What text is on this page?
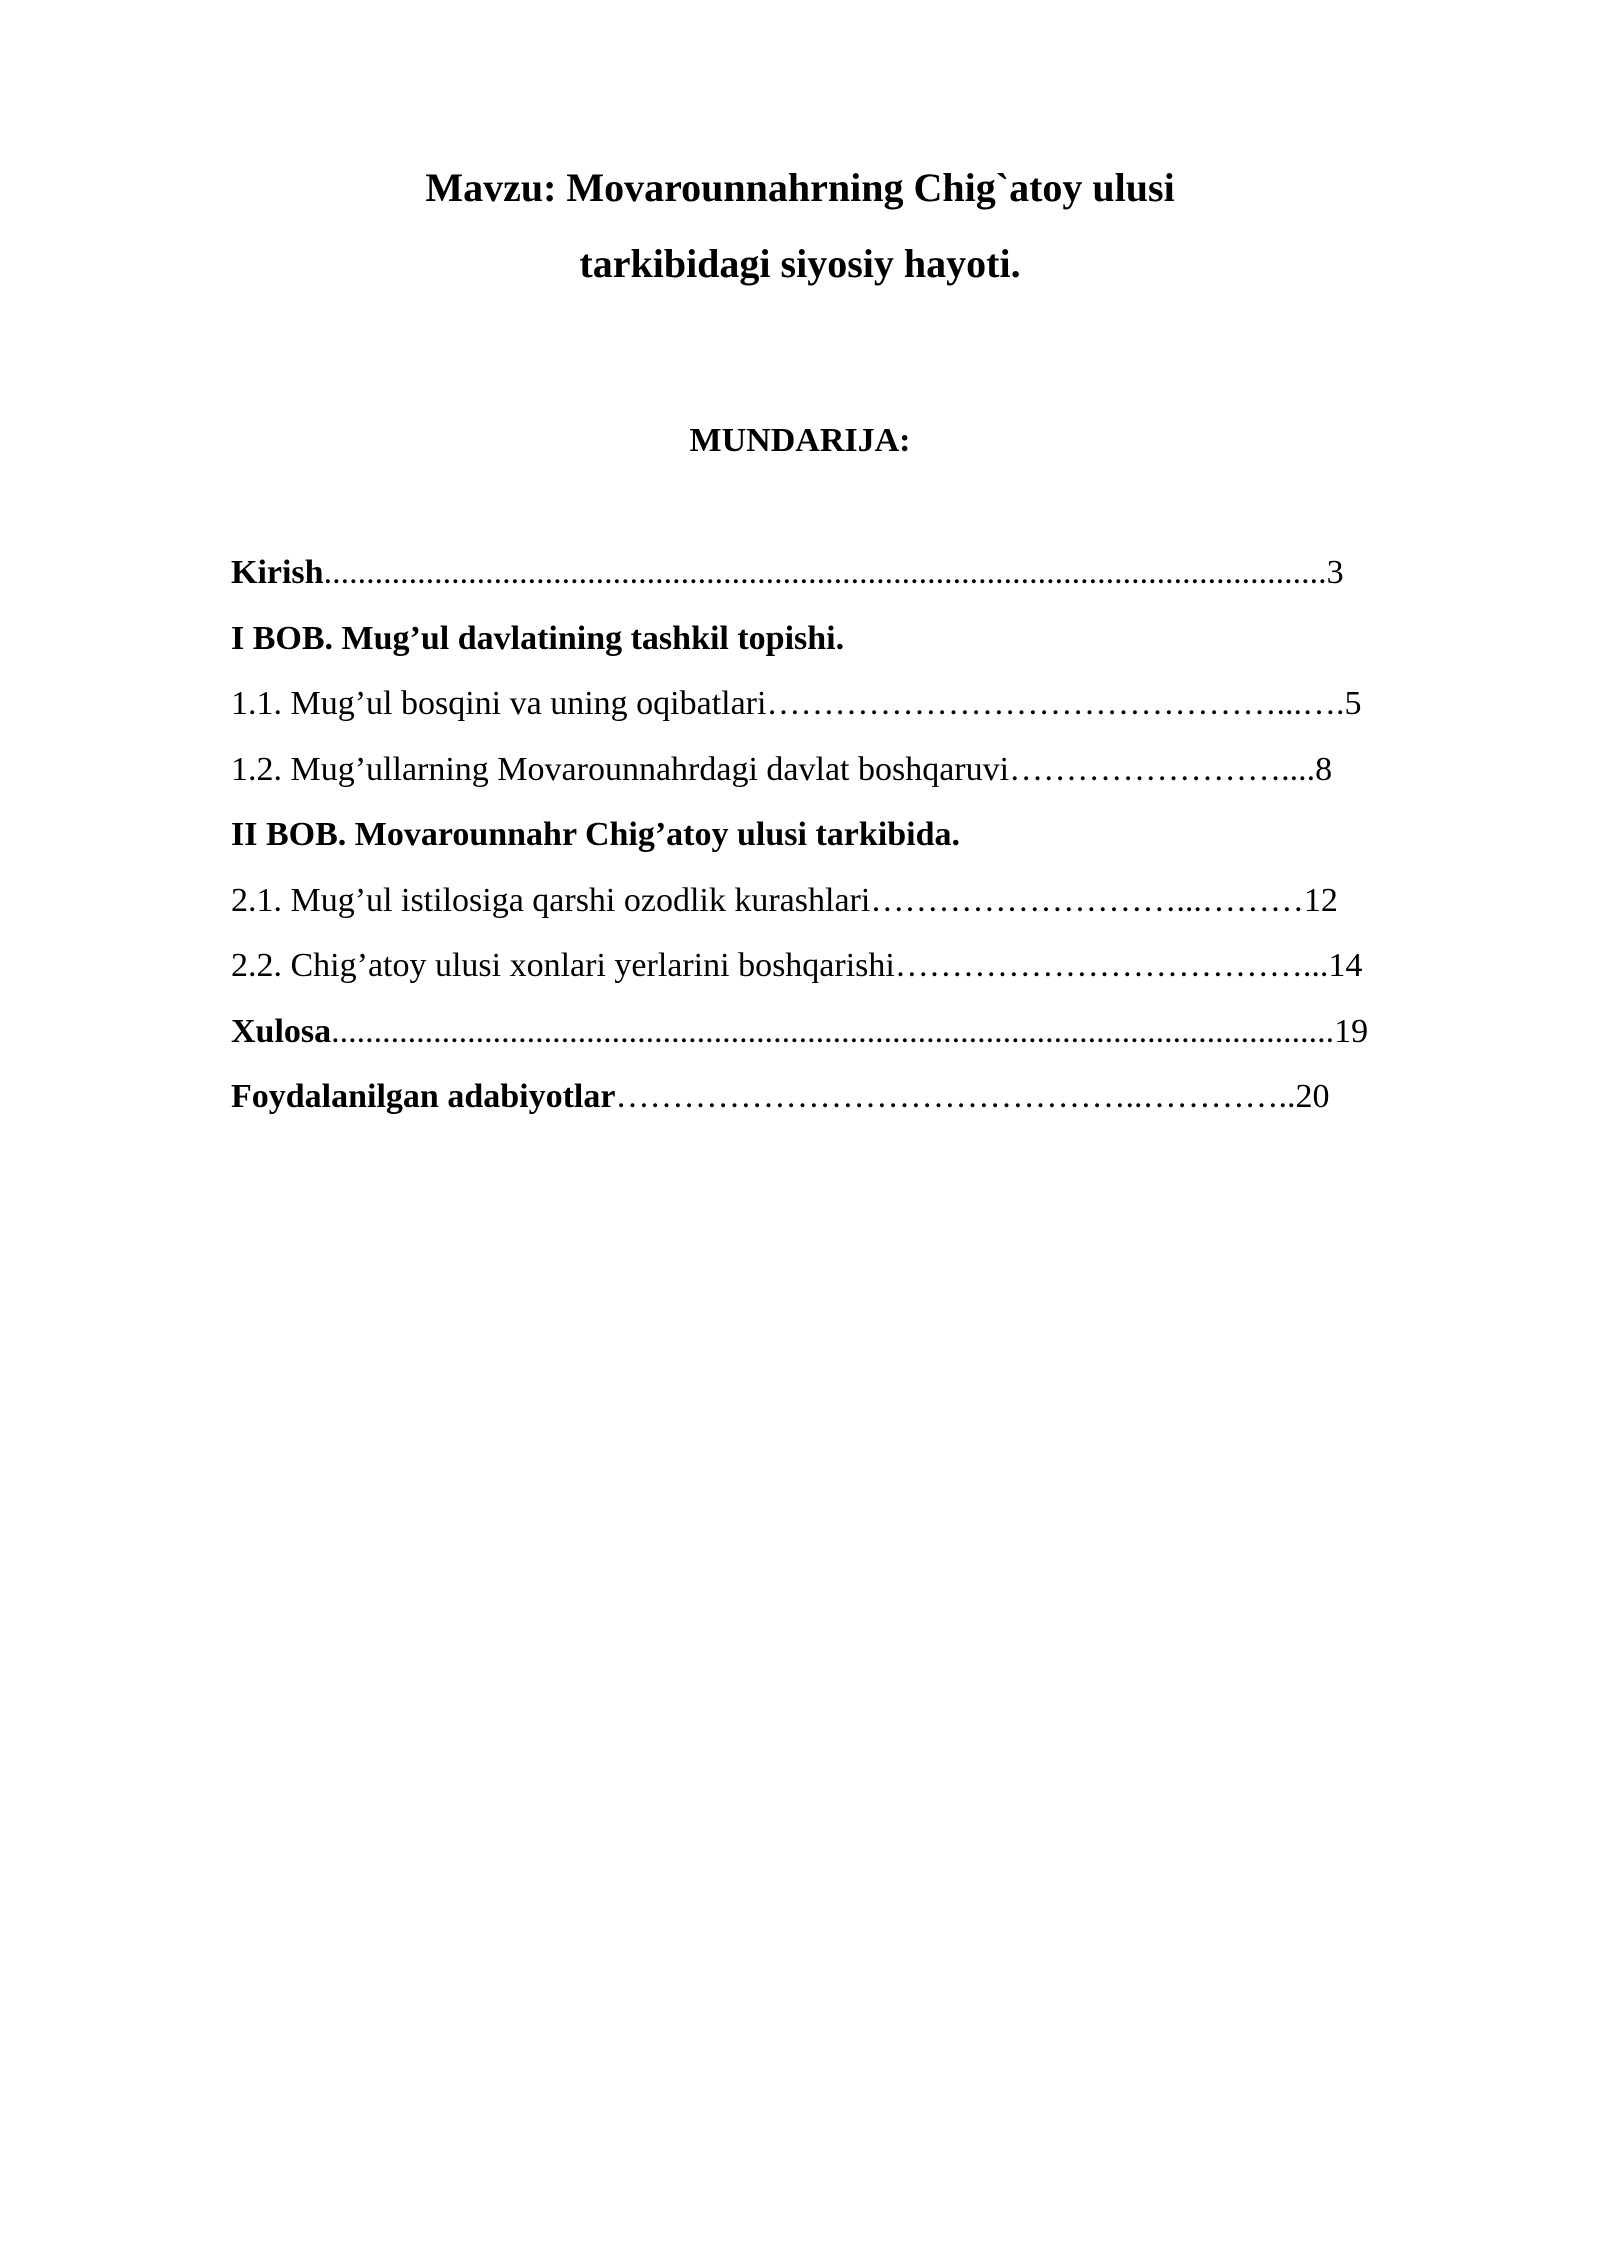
Mavzu: Movarounnahrning Chig`atoy ulusi

tarkibidagi siyosiy hayoti.

MUNDARIJA:
Kirish......................................................................................................................3
I BOB. Mug’ul davlatining tashkil topishi.
1.1. Mug’ul bosqini va uning oqibatlari………………………………………...….5
1.2. Mug’ullarning Movarounnahrdagi davlat boshqaruvi……………………....8
II BOB. Movarounnahr Chig’atoy ulusi tarkibida.
2.1. Mug’ul istilosiga qarshi ozodlik kurashlari………………………...………12
2.2. Chig’atoy ulusi xonlari yerlarini boshqarishi………………………………...14
Xulosa......................................................................................................................19
Foydalanilgan adabiyotlar………………………………………..…………..20
